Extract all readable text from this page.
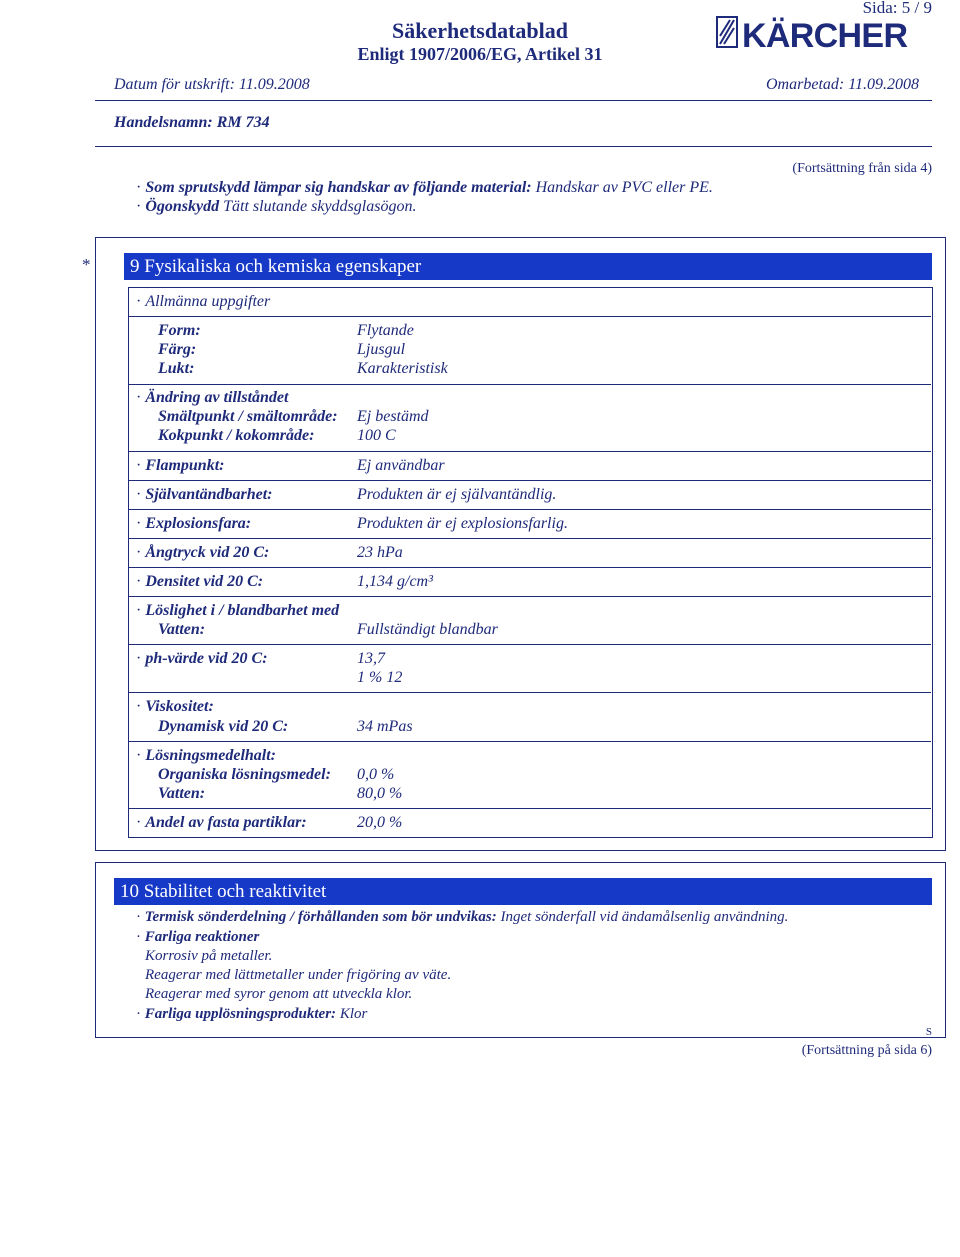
Sida: 5 / 9
Säkerhetsdatablad
Enligt 1907/2006/EG, Artikel 31	KÄRCHER
Datum för utskrift: 11.09.2008	Omarbetad: 11.09.2008
Handelsnamn: RM 734
(Fortsättning från sida 4)
· Som sprutskydd lämpar sig handskar av följande material: Handskar av PVC eller PE.
· Ögonskydd Tätt slutande skyddsglasögon.
*	9 Fysikaliska och kemiska egenskaper
· Allmänna uppgifter
Form:	Flytande
Färg:	Ljusgul
Lukt:	Karakteristisk
· Ändring av tillståndet
Smältpunkt / smältområde: Ej bestämd
Kokpunkt / kokområde:	100 C
· Flampunkt:	Ej användbar
· Självantändbarhet:	Produkten är ej självantändlig.
· Explosionsfara:	Produkten är ej explosionsfarlig.
· Ångtryck vid 20 C:	23 hPa
· Densitet vid 20 C:	1,134 g/cm³
· Löslighet i / blandbarhet med
Vatten:	Fullständigt blandbar
· ph-värde vid 20 C:	13,7
1 % 12
· Viskositet:
Dynamisk vid 20 C:	34 mPas
· Lösningsmedelhalt:
Organiska lösningsmedel: 0,0 %
Vatten:	80,0 %
· Andel av fasta partiklar:	20,0 %
10 Stabilitet och reaktivitet
· Termisk sönderdelning / förhållanden som bör undvikas: Inget sönderfall vid ändamålsenlig användning.
· Farliga reaktioner
Korrosiv på metaller.
Reagerar med lättmetaller under frigöring av väte.
Reagerar med syror genom att utveckla klor.
· Farliga upplösningsprodukter: Klor
S
(Fortsättning på sida 6)
